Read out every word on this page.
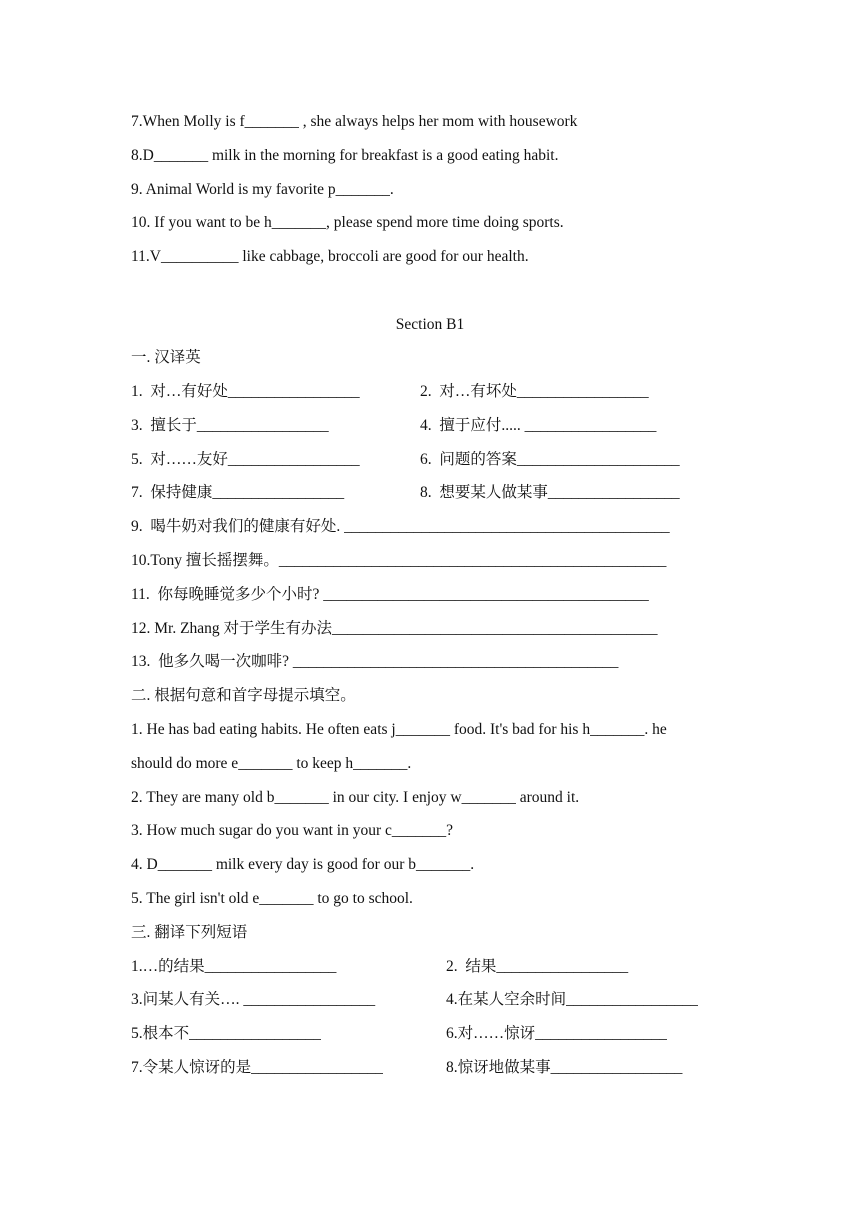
7.When Molly is f_______ , she always helps her mom with housework
8.D_______ milk in the morning for breakfast is a good eating habit.
9. Animal World is my favorite p_______.
10. If you want to be h_______, please spend more time doing sports.
11.V__________ like cabbage, broccoli are good for our health.
Section B1
一. 汉译英
1.  对…有好处_________________	2.  对…有坏处_________________
3.  擅长于_________________	4.  擅于应付..... _________________
5.  对……友好_________________	6.  问题的答案_____________________
7.  保持健康_________________	8.  想要某人做某事_________________
9.  喝牛奶对我们的健康有好处. __________________________________________
10.Tony 擅长摇摆舞。__________________________________________________
11.  你每晚睡觉多少个小时? __________________________________________
12. Mr. Zhang 对于学生有办法__________________________________________
13.  他多久喝一次咖啡? __________________________________________
二. 根据句意和首字母提示填空。
1. He has bad eating habits. He often eats j_______ food. It's bad for his h_______. he
should do more e_______ to keep h_______.
2. They are many old b_______ in our city. I enjoy w_______ around it.
3. How much sugar do you want in your c_______?
4. D_______ milk every day is good for our b_______.
5. The girl isn't old e_______ to go to school.
三. 翻译下列短语
1.…的结果_________________	2.  结果_________________
3.问某人有关…. _________________	4.在某人空余时间_________________
5.根本不_________________	6.对……惊讶_________________
7.令某人惊讶的是_________________	8.惊讶地做某事_________________
